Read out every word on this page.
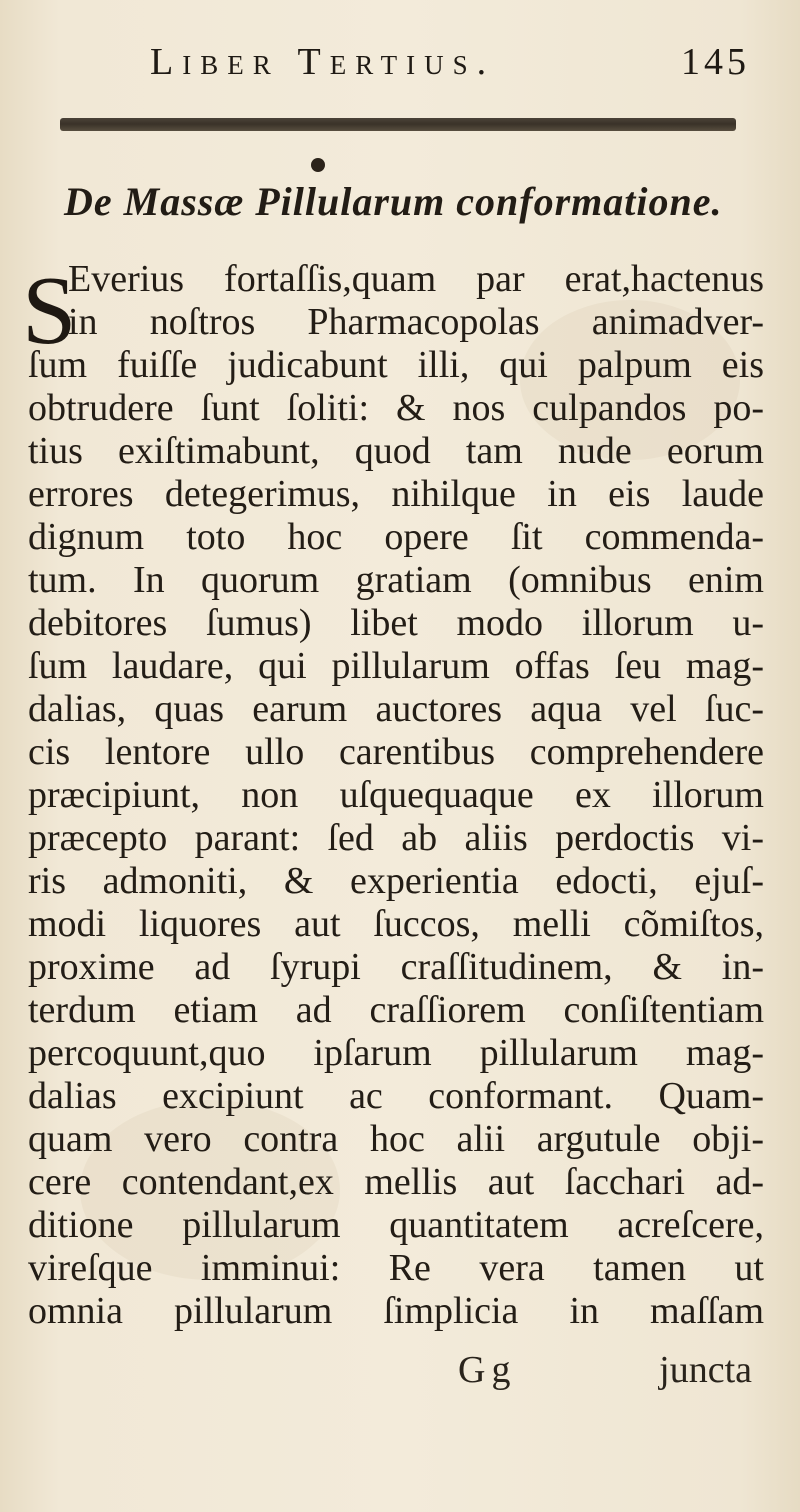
Liber Tertius.	145
De Massæ Pillularum conformatione.
S
Everius fortaſſis,quam par erat,hactenus
in noſtros Pharmacopolas animadver-
ſum fuiſſe judicabunt illi, qui palpum eis
obtrudere ſunt ſoliti: & nos culpandos po-
tius exiſtimabunt, quod tam nude eorum
errores detegerimus, nihilque in eis laude
dignum toto hoc opere ſit commenda-
tum. In quorum gratiam (omnibus enim
debitores ſumus) libet modo illorum u-
ſum laudare, qui pillularum offas ſeu mag-
dalias, quas earum auctores aqua vel ſuc-
cis lentore ullo carentibus comprehendere
præcipiunt, non uſquequaque ex illorum
præcepto parant: ſed ab aliis perdoctis vi-
ris admoniti, & experientia edocti, ejuſ-
modi liquores aut ſuccos, melli cõmiſtos,
proxime ad ſyrupi craſſitudinem, & in-
terdum etiam ad craſſiorem conſiſtentiam
percoquunt,quo ipſarum pillularum mag-
dalias excipiunt ac conformant. Quam-
quam vero contra hoc alii argutule obji-
cere contendant,ex mellis aut ſacchari ad-
ditione pillularum quantitatem acreſcere,
vireſque imminui: Re vera tamen ut
omnia pillularum ſimplicia in maſſam
Gg	juncta
